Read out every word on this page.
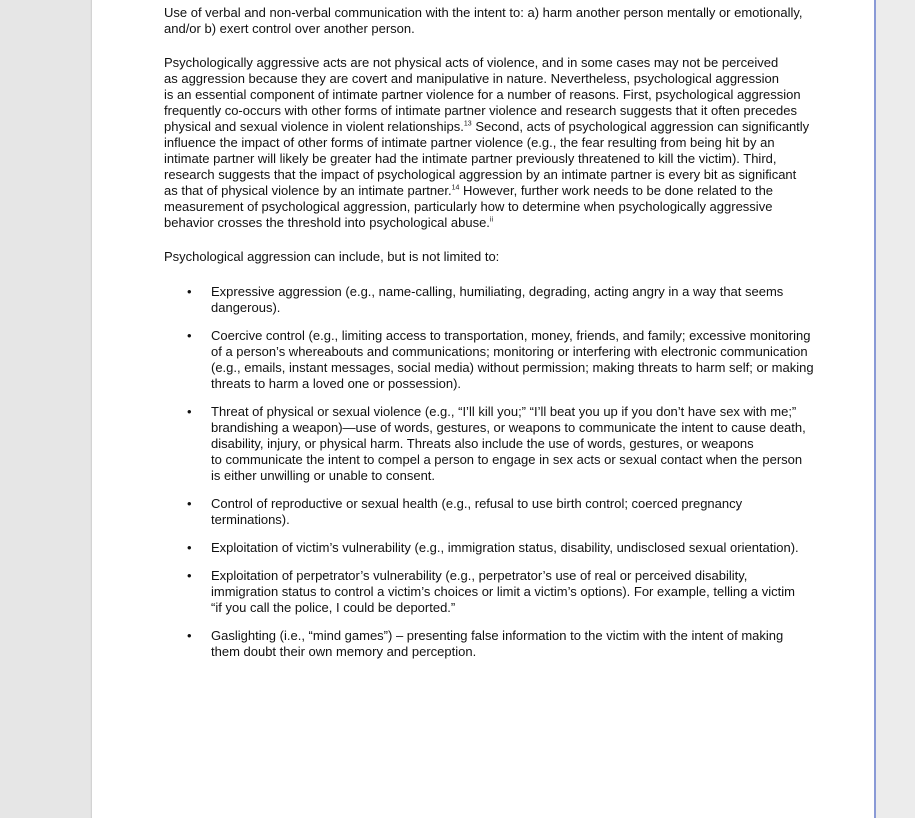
Use of verbal and non-verbal communication with the intent to: a) harm another person mentally or emotionally,
and/or b) exert control over another person.

Psychologically aggressive acts are not physical acts of violence, and in some cases may not be perceived
as aggression because they are covert and manipulative in nature. Nevertheless, psychological aggression
is an essential component of intimate partner violence for a number of reasons. First, psychological aggression
frequently co-occurs with other forms of intimate partner violence and research suggests that it often precedes
physical and sexual violence in violent relationships.$^{13}$ Second, acts of psychological aggression can significantly
influence the impact of other forms of intimate partner violence (e.g., the fear resulting from being hit by an
intimate partner will likely be greater had the intimate partner previously threatened to kill the victim). Third,
research suggests that the impact of psychological aggression by an intimate partner is every bit as significant
as that of physical violence by an intimate partner.$^{14}$ However, further work needs to be done related to the
measurement of psychological aggression, particularly how to determine when psychologically aggressive
behavior crosses the threshold into psychological abuse.$^{ii}$

Psychological aggression can include, but is not limited to:

• Expressive aggression (e.g., name-calling, humiliating, degrading, acting angry in a way that seems
dangerous).
• Coercive control (e.g., limiting access to transportation, money, friends, and family; excessive monitoring
of a person’s whereabouts and communications; monitoring or interfering with electronic communication
(e.g., emails, instant messages, social media) without permission; making threats to harm self; or making
threats to harm a loved one or possession).
• Threat of physical or sexual violence (e.g., “I’ll kill you;” “I’ll beat you up if you don’t have sex with me;”
brandishing a weapon)—use of words, gestures, or weapons to communicate the intent to cause death,
disability, injury, or physical harm. Threats also include the use of words, gestures, or weapons
to communicate the intent to compel a person to engage in sex acts or sexual contact when the person
is either unwilling or unable to consent.
• Control of reproductive or sexual health (e.g., refusal to use birth control; coerced pregnancy
terminations).
• Exploitation of victim’s vulnerability (e.g., immigration status, disability, undisclosed sexual orientation).
• Exploitation of perpetrator’s vulnerability (e.g., perpetrator’s use of real or perceived disability,
immigration status to control a victim’s choices or limit a victim’s options). For example, telling a victim
“if you call the police, I could be deported.”
• Gaslighting (i.e., “mind games”) – presenting false information to the victim with the intent of making
them doubt their own memory and perception.
